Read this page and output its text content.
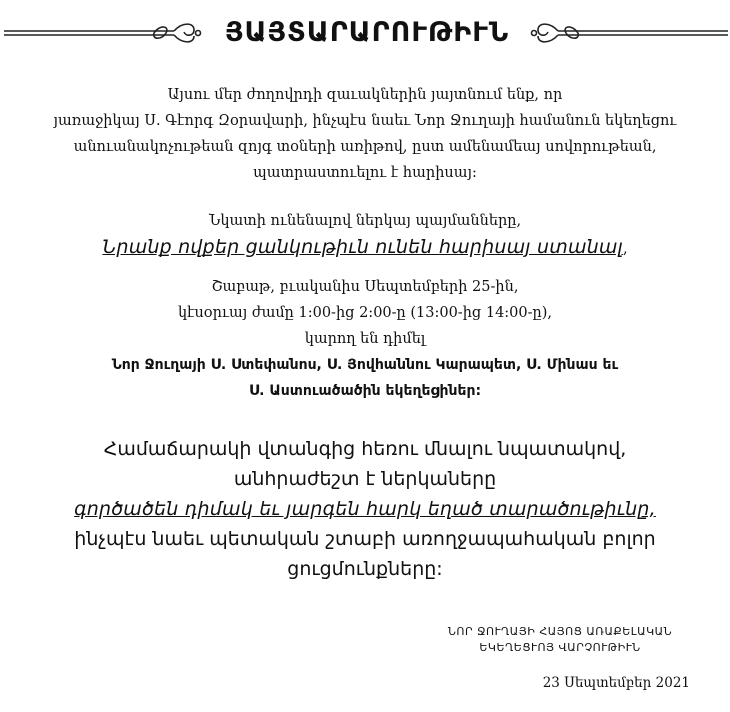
ՅԱՅՏԱՐԱՐՈՒԹԻՒՆ
Այսու մեր ժողովրդի զաւակներին յայտնում ենք, որ
յառաջիկայ Ս. Գէորգ Զօրավարի, ինչպէս նաեւ Նոր Ջուղայի համանուն եկեղեցու
անուանակոչութեան զոյգ տօների առիթով, ըստ ամենամեայ սովորութեան,
պատրաստուելու է հարիսայ:
Նկատի ունենալով ներկայ պայմանները,
Նրանք ովքեր ցանկութիւն ունեն հարիսայ ստանալ,
Շաբաթ, բւականիս Սեպտեմբերի 25-ին,
կէսօրւայ ժամը 1:00-ից 2:00-ը (13:00-ից 14:00-ը),
կարող են դիմել
Նոր Ջուղայի Ս. Ստեփանոս, Ս. Յովհաննու Կարապետ, Ս. Մինաս եւ
Ս. Աստուածածին եկեղեցիներ:
Համաճարակի վտանգից հեռու մնալու նպատակով,
անհրաժեշտ է ներկաները
գործածեն դիմակ եւ յարգեն հարկ եղած տարածութիւնը,
ինչպէս նաեւ պետական շտաբի առողջապահական բոլոր
ցուցմունքները:
ՆՈՐ ՋՈՒՂԱՅԻ ՀԱՅՈՑ ԱՌԱՔԵԼԱԿԱՆ
ԵԿԵՂԵՑՒՈՅ ՎԱՐՉՈՒԹԻՒՆ
23 Սեպտեմբեր 2021
